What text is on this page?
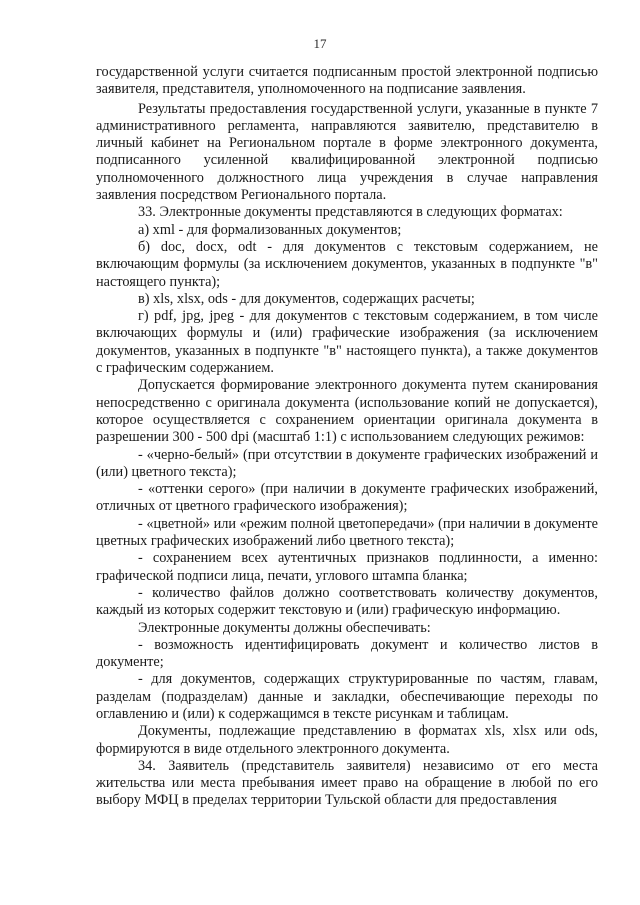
17

государственной услуги считается подписанным простой электронной подписью заявителя, представителя, уполномоченного на подписание заявления.

Результаты предоставления государственной услуги, указанные в пункте 7 административного регламента, направляются заявителю, представителю в личный кабинет на Региональном портале в форме электронного документа, подписанного усиленной квалифицированной электронной подписью уполномоченного должностного лица учреждения в случае направления заявления посредством Регионального портала.

33. Электронные документы представляются в следующих форматах:

а) xml - для формализованных документов;

б) doc, docx, odt - для документов с текстовым содержанием, не включающим формулы (за исключением документов, указанных в подпункте "в" настоящего пункта);

в) xls, xlsx, ods - для документов, содержащих расчеты;

г) pdf, jpg, jpeg - для документов с текстовым содержанием, в том числе включающих формулы и (или) графические изображения (за исключением документов, указанных в подпункте "в" настоящего пункта), а также документов с графическим содержанием.

Допускается формирование электронного документа путем сканирования непосредственно с оригинала документа (использование копий не допускается), которое осуществляется с сохранением ориентации оригинала документа в разрешении 300 - 500 dpi (масштаб 1:1) с использованием следующих режимов:

- «черно-белый» (при отсутствии в документе графических изображений и (или) цветного текста);

- «оттенки серого» (при наличии в документе графических изображений, отличных от цветного графического изображения);

- «цветной» или «режим полной цветопередачи» (при наличии в документе цветных графических изображений либо цветного текста);

- сохранением всех аутентичных признаков подлинности, а именно: графической подписи лица, печати, углового штампа бланка;

- количество файлов должно соответствовать количеству документов, каждый из которых содержит текстовую и (или) графическую информацию.

Электронные документы должны обеспечивать:

- возможность идентифицировать документ и количество листов в документе;

- для документов, содержащих структурированные по частям, главам, разделам (подразделам) данные и закладки, обеспечивающие переходы по оглавлению и (или) к содержащимся в тексте рисункам и таблицам.

Документы, подлежащие представлению в форматах xls, xlsx или ods, формируются в виде отдельного электронного документа.

34. Заявитель (представитель заявителя) независимо от его места жительства или места пребывания имеет право на обращение в любой по его выбору МФЦ в пределах территории Тульской области для предоставления
